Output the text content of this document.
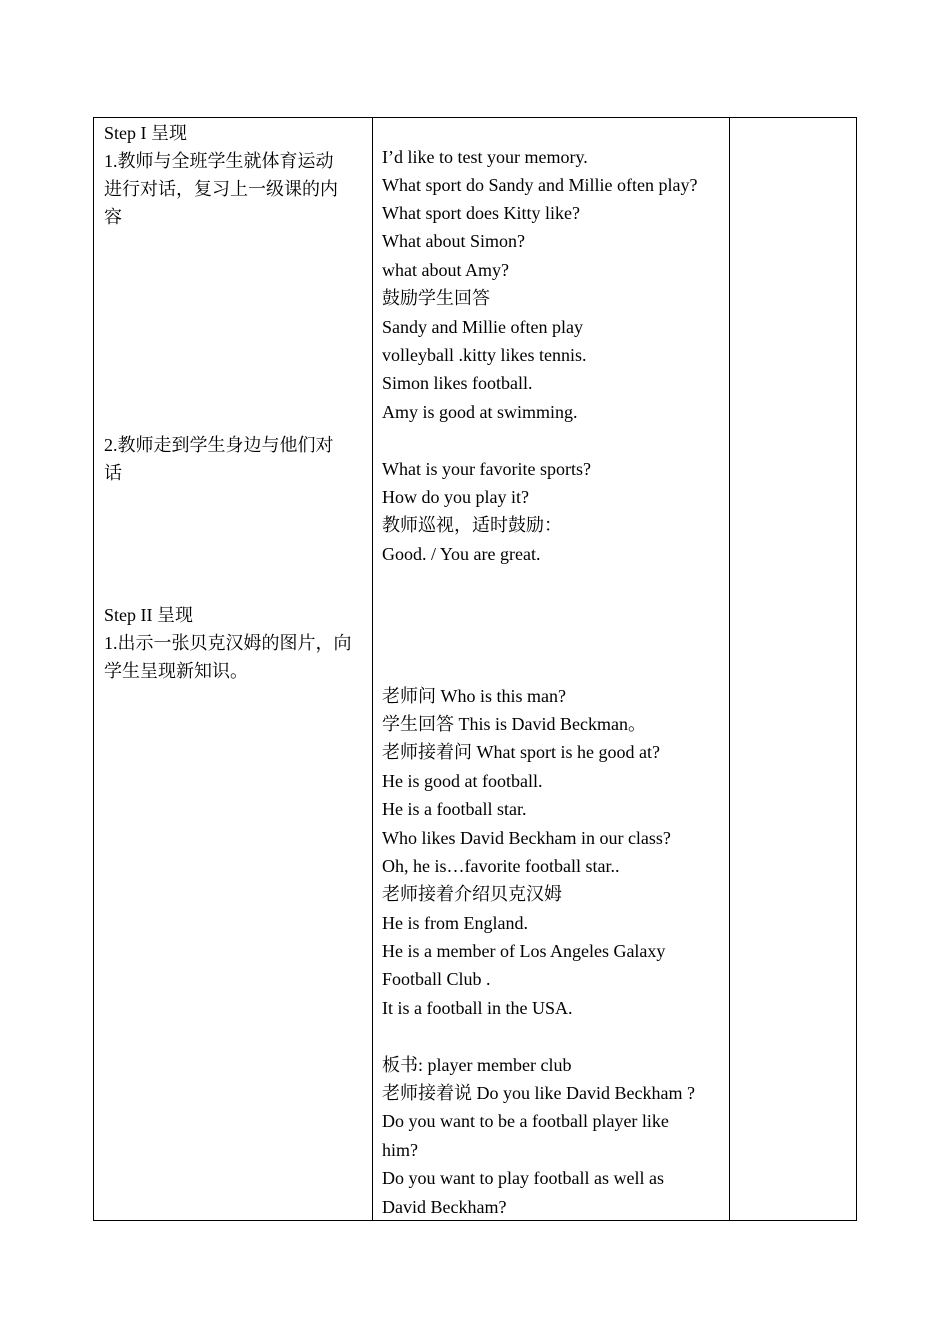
Step I 呈现
1.教师与全班学生就体育运动
进行对话，复习上一级课的内
容
2.教师走到学生身边与他们对
话
Step II 呈现
1.出示一张贝克汉姆的图片，向
学生呈现新知识。
I’d like to test your memory.
What sport do Sandy and Millie often play?
What sport does Kitty like?
What about Simon?
what about Amy?
鼓励学生回答
Sandy and Millie often play
volleyball .kitty likes tennis.
Simon likes football.
Amy is good at swimming.
What is your favorite sports?
How do you play it?
教师巡视，适时鼓励：
Good. / You are great.
老师问 Who is this man?
学生回答 This is David Beckman。
老师接着问 What sport is he good at?
He is good at football.
He is a football star.
Who likes David Beckham in our class?
Oh, he is…favorite football star..
老师接着介绍贝克汉姆
He is from England.
He is a member of Los Angeles Galaxy
Football Club .
It is a football in the USA.
板书: player member club
老师接着说 Do you like David Beckham ?
Do you want to be a football player like
him?
Do you want to play football as well as
David Beckham?
